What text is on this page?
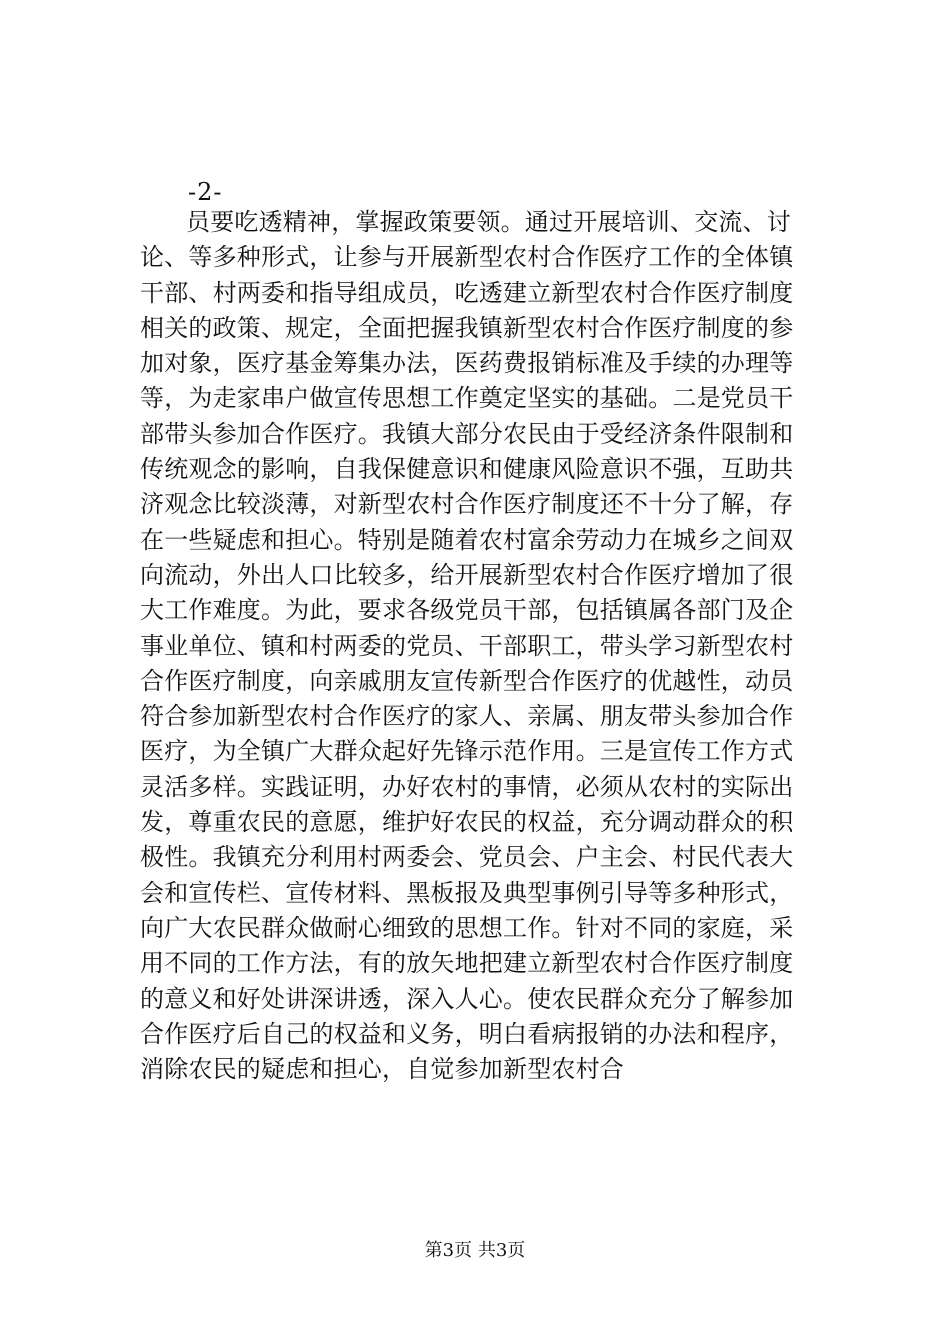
-2-
员要吃透精神，掌握政策要领。通过开展培训、交流、讨
论、等多种形式，让参与开展新型农村合作医疗工作的全体镇
干部、村两委和指导组成员，吃透建立新型农村合作医疗制度
相关的政策、规定，全面把握我镇新型农村合作医疗制度的参
加对象，医疗基金筹集办法，医药费报销标准及手续的办理等
等，为走家串户做宣传思想工作奠定坚实的基础。二是党员干
部带头参加合作医疗。我镇大部分农民由于受经济条件限制和
传统观念的影响，自我保健意识和健康风险意识不强，互助共
济观念比较淡薄，对新型农村合作医疗制度还不十分了解，存
在一些疑虑和担心。特别是随着农村富余劳动力在城乡之间双
向流动，外出人口比较多，给开展新型农村合作医疗增加了很
大工作难度。为此，要求各级党员干部，包括镇属各部门及企
事业单位、镇和村两委的党员、干部职工，带头学习新型农村
合作医疗制度，向亲戚朋友宣传新型合作医疗的优越性，动员
符合参加新型农村合作医疗的家人、亲属、朋友带头参加合作
医疗，为全镇广大群众起好先锋示范作用。三是宣传工作方式
灵活多样。实践证明，办好农村的事情，必须从农村的实际出
发，尊重农民的意愿，维护好农民的权益，充分调动群众的积
极性。我镇充分利用村两委会、党员会、户主会、村民代表大
会和宣传栏、宣传材料、黑板报及典型事例引导等多种形式，
向广大农民群众做耐心细致的思想工作。针对不同的家庭，采
用不同的工作方法，有的放矢地把建立新型农村合作医疗制度
的意义和好处讲深讲透，深入人心。使农民群众充分了解参加
合作医疗后自己的权益和义务，明白看病报销的办法和程序，
消除农民的疑虑和担心，自觉参加新型农村合
第3页 共3页
